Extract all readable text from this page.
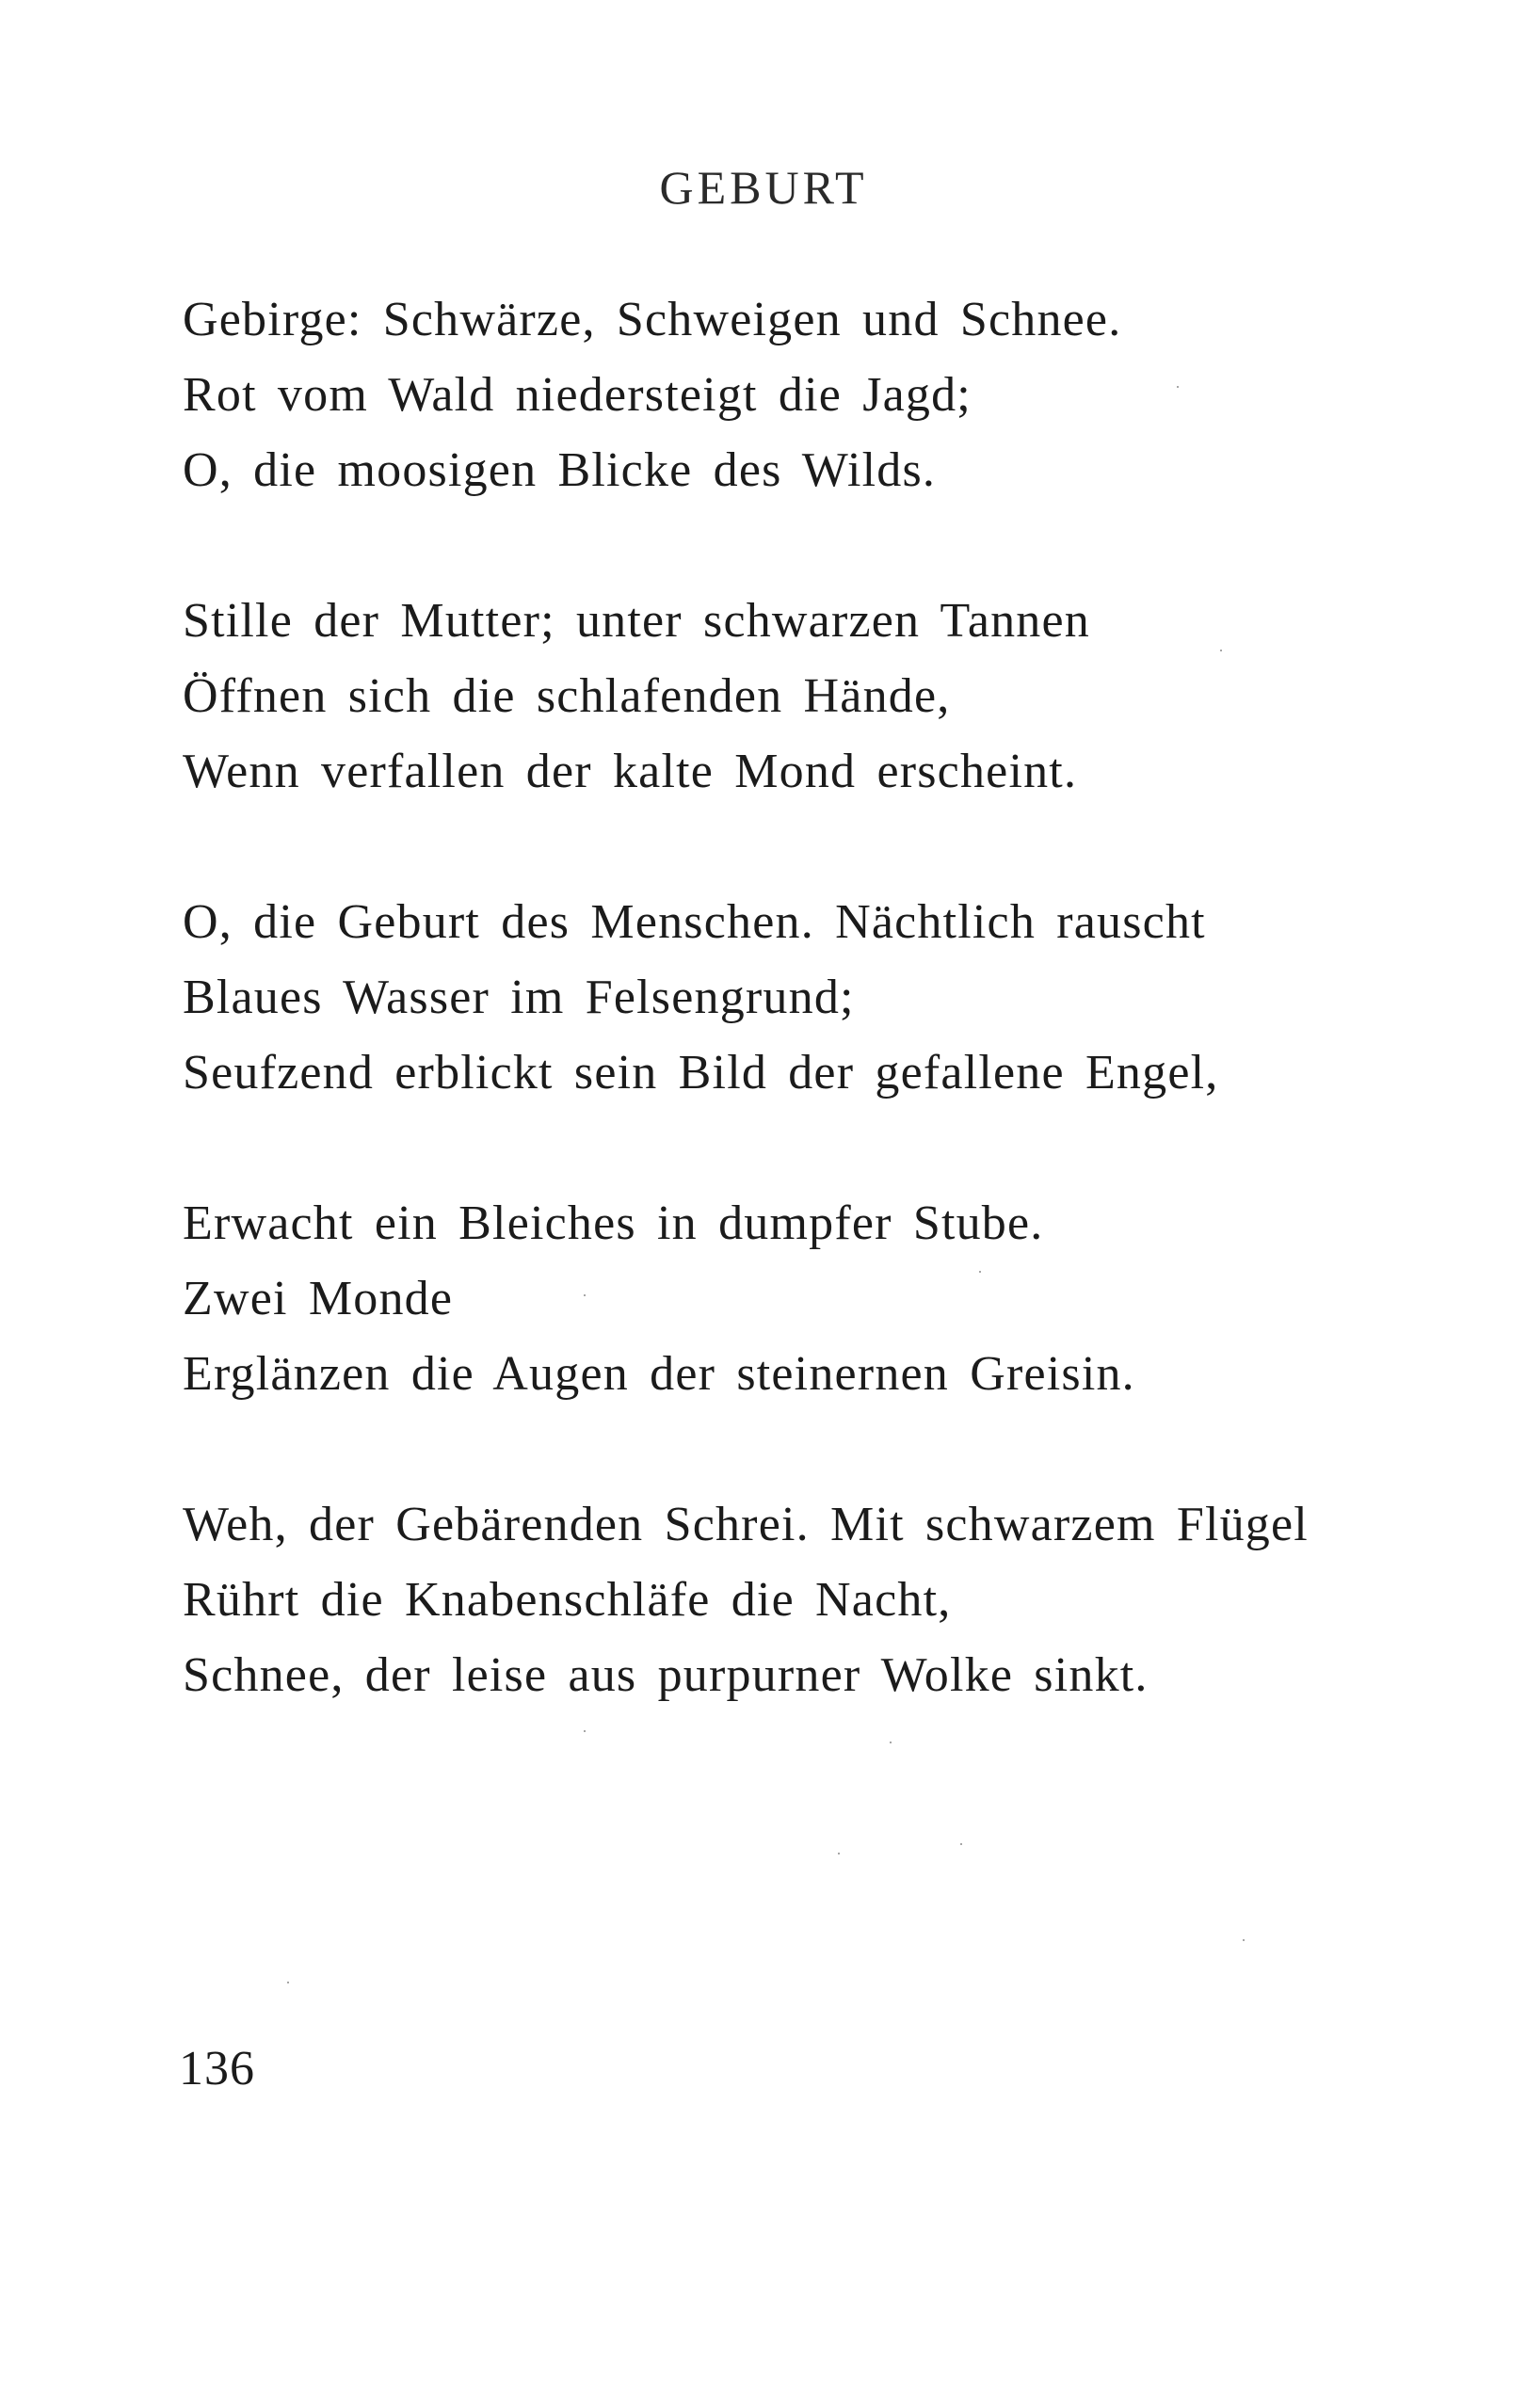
GEBURT
Gebirge: Schwärze, Schweigen und Schnee.
Rot vom Wald niedersteigt die Jagd;
O, die moosigen Blicke des Wilds.
Stille der Mutter; unter schwarzen Tannen
Öffnen sich die schlafenden Hände,
Wenn verfallen der kalte Mond erscheint.
O, die Geburt des Menschen. Nächtlich rauscht
Blaues Wasser im Felsengrund;
Seufzend erblickt sein Bild der gefallene Engel,
Erwacht ein Bleiches in dumpfer Stube.
Zwei Monde
Erglänzen die Augen der steinernen Greisin.
Weh, der Gebärenden Schrei. Mit schwarzem Flügel
Rührt die Knabenschläfe die Nacht,
Schnee, der leise aus purpurner Wolke sinkt.
136
